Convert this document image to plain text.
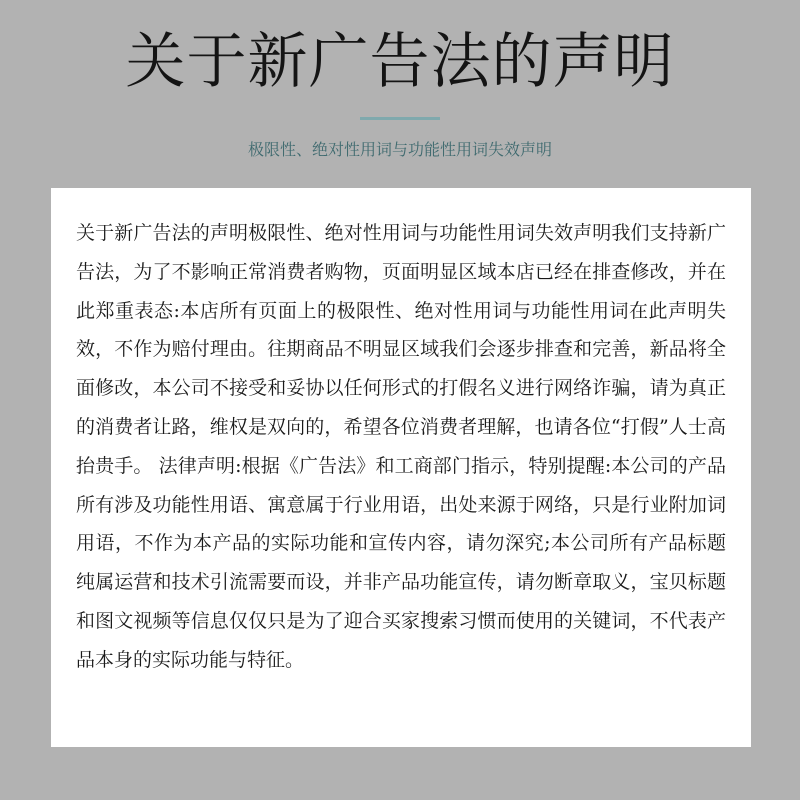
关于新广告法的声明
极限性、绝对性用词与功能性用词失效声明

关于新广告法的声明极限性、绝对性用词与功能性用词失效声明我们支持新广告法，为了不影响正常消费者购物，页面明显区域本店已经在排查修改，并在此郑重表态:本店所有页面上的极限性、绝对性用词与功能性用词在此声明失效，不作为赔付理由。往期商品不明显区域我们会逐步排查和完善，新品将全面修改，本公司不接受和妥协以任何形式的打假名义进行网络诈骗，请为真正的消费者让路，维权是双向的，希望各位消费者理解，也请各位“打假”人士高抬贵手。 法律声明:根据《广告法》和工商部门指示，特别提醒:本公司的产品所有涉及功能性用语、寓意属于行业用语，出处来源于网络，只是行业附加词用语，不作为本产品的实际功能和宣传内容，请勿深究;本公司所有产品标题纯属运营和技术引流需要而设，并非产品功能宣传，请勿断章取义，宝贝标题和图文视频等信息仅仅只是为了迎合买家搜索习惯而使用的关键词，不代表产品本身的实际功能与特征。
